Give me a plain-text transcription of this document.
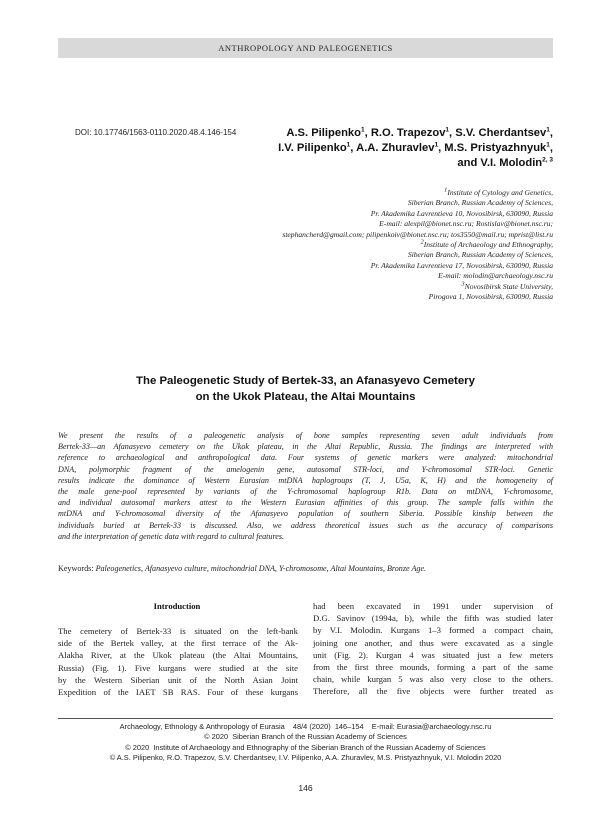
ANTHROPOLOGY AND PALEOGENETICS
DOI: 10.17746/1563-0110.2020.48.4.146-154	A.S. Pilipenko$^1$, R.O. Trapezov$^1$, S.V. Cherdantsev$^1$,
I.V. Pilipenko$^1$, A.A. Zhuravlev$^1$, M.S. Pristyazhnyuk$^1$,
and V.I. Molodin$^{2, 3}$
$^1$Institute of Cytology and Genetics,
Siberian Branch, Russian Academy of Sciences,
Pr. Akademika Lavrentieva 10, Novosibirsk, 630090, Russia
E-mail: alexpil@bionet.nsc.ru; Rostislav@bionet.nsc.ru;
stephancherd@gmail.com; pilipenkoiv@bionet.nsc.ru; tos3550@mail.ru; mprist@list.ru
$^2$Institute of Archaeology and Ethnography,
Siberian Branch, Russian Academy of Sciences,
Pr. Akademika Lavrentieva 17, Novosibirsk, 630090, Russia
E-mail: molodin@archaeology.nsc.ru
$^3$Novosibirsk State University,
Pirogova 1, Novosibirsk, 630090, Russia
The Paleogenetic Study of Bertek-33, an Afanasyevo Cemetery
on the Ukok Plateau, the Altai Mountains
We present the results of a paleogenetic analysis of bone samples representing seven adult individuals from
Bertek-33—an Afanasyevo cemetery on the Ukok plateau, in the Altai Republic, Russia. The findings are interpreted with
reference to archaeological and anthropological data. Four systems of genetic markers were analyzed: mitochondrial
DNA, polymorphic fragment of the amelogenin gene, autosomal STR-loci, and Y-chromosomal STR-loci. Genetic
results indicate the dominance of Western Eurasian mtDNA haplogroups (T, J, U5a, K, H) and the homogeneity of
the male gene-pool represented by variants of the Y-chromosomal haplogroup R1b. Data on mtDNA, Y-chromosome,
and individual autosomal markers attest to the Western Eurasian affinities of this group. The sample falls within the
mtDNA and Y-chromosomal diversity of the Afanasyevo population of southern Siberia. Possible kinship between the
individuals buried at Bertek-33 is discussed. Also, we address theoretical issues such as the accuracy of comparisons
and the interpretation of genetic data with regard to cultural features.
Keywords: Paleogenetics, Afanasyevo culture, mitochondrial DNA, Y-chromosome, Altai Mountains, Bronze Age.
Introduction
The cemetery of Bertek-33 is situated on the left-bank
side of the Bertek valley, at the first terrace of the Ak-
Alakha River, at the Ukok plateau (the Altai Mountains,
Russia) (Fig. 1). Five kurgans were studied at the site
by the Western Siberian unit of the North Asian Joint
Expedition of the IAET SB RAS. Four of these kurgans
had been excavated in 1991 under supervision of
D.G. Savinov (1994a, b), while the fifth was studied later
by V.I. Molodin. Kurgans 1–3 formed a compact chain,
joining one another, and thus were excavated as a single
unit (Fig. 2). Kurgan 4 was situated just a few meters
from the first three mounds, forming a part of the same
chain, while kurgan 5 was also very close to the others.
Therefore, all the five objects were further treated as
Archaeology, Ethnology & Anthropology of Eurasia    48/4 (2020)  146–154    E-mail: Eurasia@archaeology.nsc.ru
© 2020  Siberian Branch of the Russian Academy of Sciences
© 2020  Institute of Archaeology and Ethnography of the Siberian Branch of the Russian Academy of Sciences
© A.S. Pilipenko, R.O. Trapezov, S.V. Cherdantsev, I.V. Pilipenko, A.A. Zhuravlev, M.S. Pristyazhnyuk, V.I. Molodin 2020
146
